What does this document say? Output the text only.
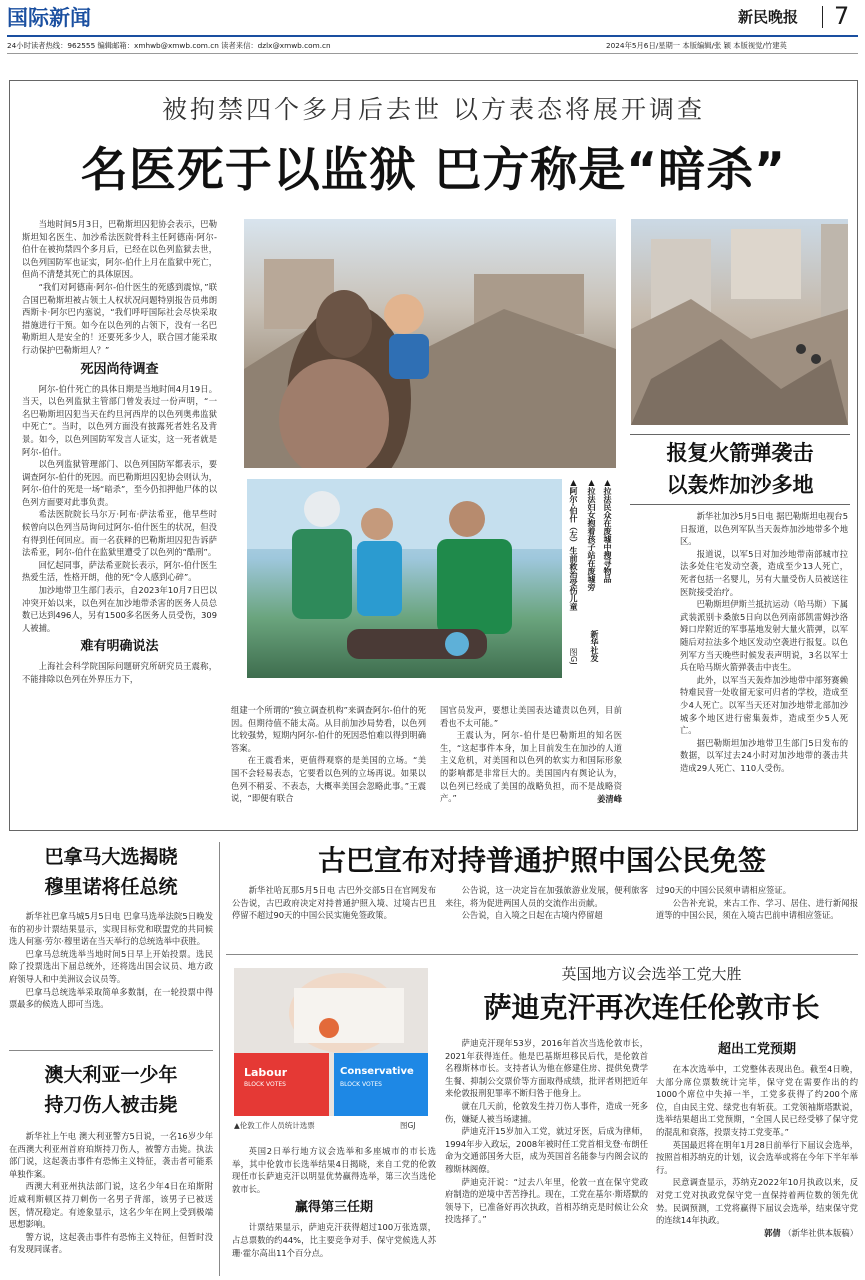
国际新闻	新民晚报 7
24小时读者热线：962555 编辑邮箱：xmhwb@xmwb.com.cn 读者来信：dzlx@xmwb.com.cn	2024年5月6日/星期一 本版编辑/张 颖 本版视觉/竹建英
被拘禁四个多月后去世 以方表态将展开调查
名医死于以监狱 巴方称是“暗杀”

当地时间5月3日，巴勒斯坦囚犯协会表示，巴勒斯坦知名医生、加沙希法医院骨科主任阿德南·阿尔-伯什在被拘禁四个多月后，已经在以色列监狱去世，以色列国防军也证实，阿尔-伯什上月在监狱中死亡，但尚不清楚其死亡的具体原因。

“我们对阿德南·阿尔-伯什医生的死感到震惊，”联合国巴勒斯坦被占领土人权状况问题特别报告员弗朗西斯卡·阿尔巴内塞说，“我们呼吁国际社会尽快采取措施进行干预。如今在以色列的占领下，没有一名巴勒斯坦人是安全的！还要死多少人，联合国才能采取行动保护巴勒斯坦人？”

死因尚待调查

阿尔-伯什死亡的具体日期是当地时间4月19日。当天，以色列监狱主管部门曾发表过一份声明，“一名巴勒斯坦囚犯当天在约旦河西岸的以色列奥弗监狱中死亡”。当时，以色列方面没有披露死者姓名及背景。如今，以色列国防军发言人证实，这一死者就是阿尔-伯什。

以色列监狱管理部门、以色列国防军都表示，要调查阿尔-伯什的死因。而巴勒斯坦囚犯协会则认为，阿尔-伯什的死是一场“暗杀”，至今仍扣押他尸体的以色列方面要对此事负责。

希法医院院长马尔万·阿布·萨法希亚，他早些时候曾向以色列当局询问过阿尔-伯什医生的状况，但没有得到任何回应。而一名获释的巴勒斯坦囚犯告诉萨法希亚，阿尔-伯什在监狱里遭受了以色列的“酷刑”。

回忆起同事，萨法希亚院长表示，阿尔-伯什医生热爱生活，性格开朗，他的死“令人感到心碎”。

加沙地带卫生部门表示，自2023年10月7日巴以冲突开始以来，以色列在加沙地带杀害的医务人员总数已达到496人，另有1500多名医务人员受伤，309人被捕。

难有明确说法

上海社会科学院国际问题研究所研究员王震称，不能排除以色列在外界压力下，

▲拉法民众在废墟中搜寻物品
新华社发
▲拉法妇女抱着孩子站在废墟旁
▲阿尔-伯什（左）生前救治受伤儿童
图GJ

组建一个所谓的“独立调查机构”来调查阿尔-伯什的死因。但期待值不能太高。从目前加沙局势看，以色列比较强势，短期内阿尔-伯什的死因恐怕难以得到明确答案。

在王震看来，更值得观察的是美国的立场。“美国不会轻易表态，它要看以色列的立场再说。如果以色列不稍妥、不表态，大概率美国会忽略此事。”王震说，“即便有联合

国官员发声，要想让美国表达谴责以色列，目前看也不太可能。”

王震认为，阿尔-伯什是巴勒斯坦的知名医生，“这起事件本身，加上目前发生在加沙的人道主义危机，对美国和以色列的软实力和国际形象的影响都是非常巨大的。美国国内有舆论认为，以色列已经成了美国的战略负担，而不是战略资产。”	姜清峰

报复火箭弹袭击
以轰炸加沙多地

新华社加沙5月5日电 据巴勒斯坦电视台5日报道，以色列军队当天轰炸加沙地带多个地区。

报道说，以军5日对加沙地带南部城市拉法多处住宅发动空袭，造成至少13人死亡，死者包括一名婴儿，另有大量受伤人员被送往医院接受治疗。

巴勒斯坦伊斯兰抵抗运动（哈马斯）下属武装派别卡桑旅5日向以色列南部凯雷姆沙洛姆口岸附近的军事基地发射大量火箭弹，以军随后对拉法多个地区发动空袭进行报复。以色列军方当天晚些时候发表声明说，3名以军士兵在哈马斯火箭弹袭击中丧生。

此外，以军当天轰炸加沙地带中部努赛赖特难民营一处收留无家可归者的学校，造成至少4人死亡。以军当天还对加沙地带北部加沙城多个地区进行密集轰炸，造成至少5人死亡。

据巴勒斯坦加沙地带卫生部门5日发布的数据，以军过去24小时对加沙地带的袭击共造成29人死亡、110人受伤。

巴拿马大选揭晓
穆里诺将任总统

新华社巴拿马城5月5日电 巴拿马选举法院5日晚发布的初步计票结果显示，实现目标党和联盟党的共同候选人何塞·劳尔·穆里诺在当天举行的总统选举中获胜。

巴拿马总统选举当地时间5日早上开始投票。选民除了投票选出下届总统外，还将选出国会议员、地方政府领导人和中美洲议会议员等。

巴拿马总统选举采取简单多数制，在一轮投票中得票最多的候选人即可当选。

澳大利亚一少年
持刀伤人被击毙

新华社上午电 澳大利亚警方5日说，一名16岁少年在西澳大利亚州首府珀斯持刀伤人，被警方击毙。执法部门说，这起袭击事件有恐怖主义特征，袭击者可能系单独作案。

西澳大利亚州执法部门说，这名少年4日在珀斯附近威利斯顿区持刀刺伤一名男子背部，该男子已被送医，情况稳定。有迹象显示，这名少年在网上受到极端思想影响。

警方说，这起袭击事件有恐怖主义特征，但暂时没有发现同谋者。

古巴宣布对持普通护照中国公民免签

新华社哈瓦那5月5日电 古巴外交部5日在官网发布公告说，古巴政府决定对持普通护照入境、过境古巴且停留不超过90天的中国公民实施免签政策。

公告说，这一决定旨在加强旅游业发展，便利旅客来往，将为促进两国人员的交流作出贡献。

公告说，自入境之日起在古境内停留超

过90天的中国公民须申请相应签证。

公告补充说，来古工作、学习、居住、进行新闻报道等的中国公民，须在入境古巴前申请相应签证。

英国地方议会选举工党大胜
萨迪克汗再次连任伦敦市长
Labour
BLOCK VOTES
Conservative
BLOCK VOTES
▲伦敦工作人员统计选票	图GJ

英国2日举行地方议会选举和多座城市的市长选举，其中伦敦市长选举结果4日揭晓，来自工党的伦敦现任市长萨迪克汗以明显优势赢得选举，第三次当选伦敦市长。

赢得第三任期

计票结果显示，萨迪克汗获得超过100万张选票，占总票数的约44%，比主要竞争对手、保守党候选人苏珊·霍尔高出11个百分点。

萨迪克汗现年53岁，2016年首次当选伦敦市长，2021年获得连任。他是巴基斯坦移民后代，是伦敦首名穆斯林市长。支持者认为他在修建住房、提供免费学生餐、抑制公交票价等方面取得成绩，批评者则把近年来伦敦报刑犯罪率不断归咎于他身上。

就在几天前，伦敦发生持刀伤人事件，造成一死多伤，嫌疑人被当场逮捕。

萨迪克汗15岁加入工党，就过牙医，后成为律师，1994年步入政坛，2008年被时任工党首相戈登·布朗任命为交通部国务大臣，成为英国首名能参与内阁会议的穆斯林阁僚。

萨迪克汗说：“过去八年里，伦敦一直在保守党政府制造的逆境中苦苦挣扎。现在，工党在基尔·斯塔默的领导下，已准备好再次执政，首相苏纳克是时候让公众投选择了。”

超出工党预期

在本次选举中，工党整体表现出色。截至4日晚，大部分席位票数统计完毕，保守党在需要作出的约1000个席位中失掉一半，工党多获得了约200个席位，自由民主党、绿党也有斩获。工党领袖斯塔默说，选举结果超出工党预期，“全国人民已经受够了保守党的混乱和衰落，投票支持工党变革。”

英国最迟将在明年1月28日前举行下届议会选举，按照首相苏纳克的计划，议会选举或将在今年下半年举行。

民意调查显示，苏纳克2022年10月执政以来，反对党工党对执政党保守党一直保持着两位数的领先优势。民调预测，工党将赢得下届议会选举，结束保守党的连续14年执政。

郭倩 （新华社供本版稿）
